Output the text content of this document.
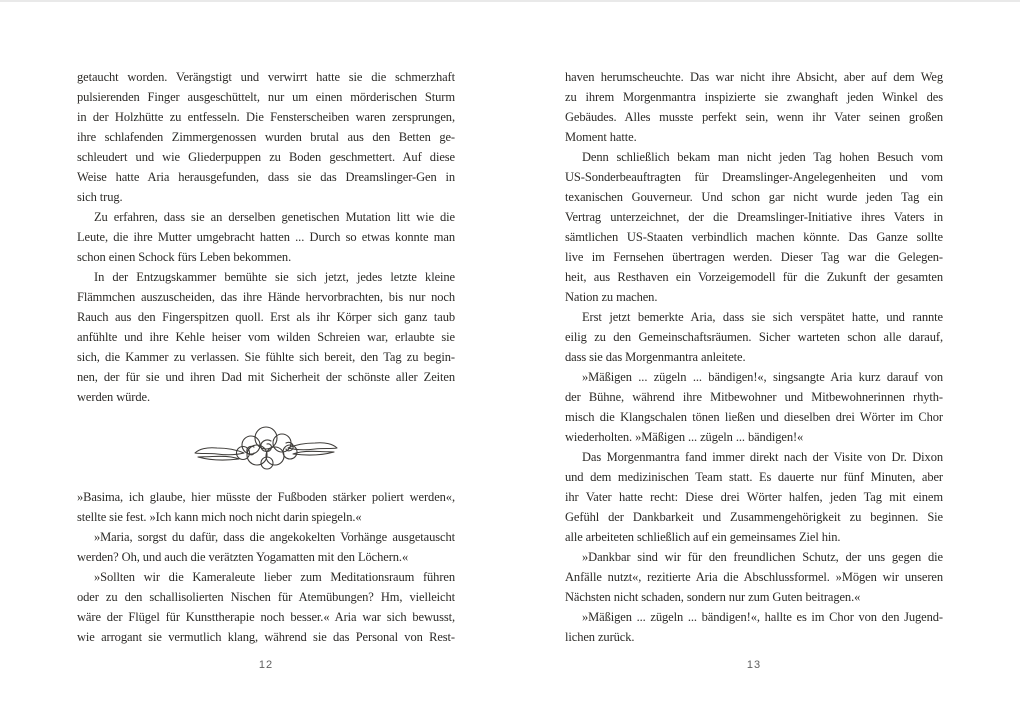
getaucht worden. Verängstigt und verwirrt hatte sie die schmerzhaft
pulsierenden Finger ausgeschüttelt, nur um einen mörderischen Sturm
in der Holzhütte zu entfesseln. Die Fensterscheiben waren zersprungen,
ihre schlafenden Zimmergenossen wurden brutal aus den Betten ge-
schleudert und wie Gliederpuppen zu Boden geschmettert. Auf diese
Weise hatte Aria herausgefunden, dass sie das Dreamslinger-Gen in
sich trug.
Zu erfahren, dass sie an derselben genetischen Mutation litt wie die
Leute, die ihre Mutter umgebracht hatten ... Durch so etwas konnte man
schon einen Schock fürs Leben bekommen.
In der Entzugskammer bemühte sie sich jetzt, jedes letzte kleine
Flämmchen auszuscheiden, das ihre Hände hervorbrachten, bis nur noch
Rauch aus den Fingerspitzen quoll. Erst als ihr Körper sich ganz taub
anfühlte und ihre Kehle heiser vom wilden Schreien war, erlaubte sie
sich, die Kammer zu verlassen. Sie fühlte sich bereit, den Tag zu begin-
nen, der für sie und ihren Dad mit Sicherheit der schönste aller Zeiten
werden würde.
»Basima, ich glaube, hier müsste der Fußboden stärker poliert werden«,
stellte sie fest. »Ich kann mich noch nicht darin spiegeln.«
»Maria, sorgst du dafür, dass die angekokelten Vorhänge ausgetauscht
werden? Oh, und auch die verätzten Yogamatten mit den Löchern.«
»Sollten wir die Kameraleute lieber zum Meditationsraum führen
oder zu den schallisolierten Nischen für Atemübungen? Hm, vielleicht
wäre der Flügel für Kunsttherapie noch besser.« Aria war sich bewusst,
wie arrogant sie vermutlich klang, während sie das Personal von Rest-
haven herumscheuchte. Das war nicht ihre Absicht, aber auf dem Weg
zu ihrem Morgenmantra inspizierte sie zwanghaft jeden Winkel des
Gebäudes. Alles musste perfekt sein, wenn ihr Vater seinen großen
Moment hatte.
Denn schließlich bekam man nicht jeden Tag hohen Besuch vom
US-Sonderbeauftragten für Dreamslinger-Angelegenheiten und vom
texanischen Gouverneur. Und schon gar nicht wurde jeden Tag ein
Vertrag unterzeichnet, der die Dreamslinger-Initiative ihres Vaters in
sämtlichen US-Staaten verbindlich machen könnte. Das Ganze sollte
live im Fernsehen übertragen werden. Dieser Tag war die Gelegen-
heit, aus Resthaven ein Vorzeigemodell für die Zukunft der gesamten
Nation zu machen.
Erst jetzt bemerkte Aria, dass sie sich verspätet hatte, und rannte
eilig zu den Gemeinschaftsräumen. Sicher warteten schon alle darauf,
dass sie das Morgenmantra anleitete.
»Mäßigen ... zügeln ... bändigen!«, singsangte Aria kurz darauf von
der Bühne, während ihre Mitbewohner und Mitbewohnerinnen rhyth-
misch die Klangschalen tönen ließen und dieselben drei Wörter im Chor
wiederholten. »Mäßigen ... zügeln ... bändigen!«
Das Morgenmantra fand immer direkt nach der Visite von Dr. Dixon
und dem medizinischen Team statt. Es dauerte nur fünf Minuten, aber
ihr Vater hatte recht: Diese drei Wörter halfen, jeden Tag mit einem
Gefühl der Dankbarkeit und Zusammengehörigkeit zu beginnen. Sie
alle arbeiteten schließlich auf ein gemeinsames Ziel hin.
»Dankbar sind wir für den freundlichen Schutz, der uns gegen die
Anfälle nutzt«, rezitierte Aria die Abschlussformel. »Mögen wir unseren
Nächsten nicht schaden, sondern nur zum Guten beitragen.«
»Mäßigen ... zügeln ... bändigen!«, hallte es im Chor von den Jugend-
lichen zurück.
12	13
